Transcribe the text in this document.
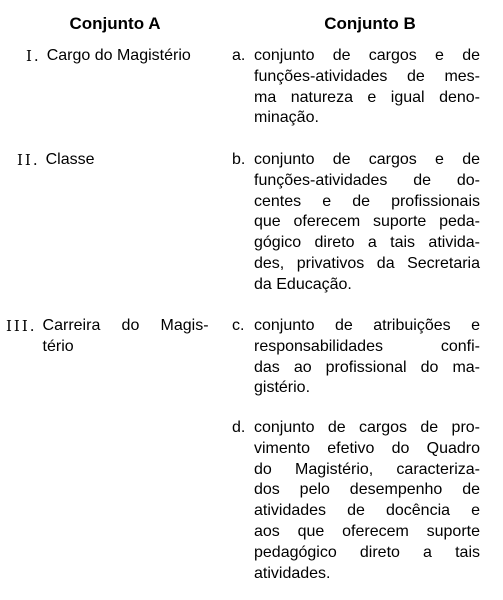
Conjunto A	Conjunto B
I. Cargo do Magistério
II. Classe
III. Carreira do Magis-
tério
a. conjunto de cargos e de
funções-atividades de mes-
ma natureza e igual deno-
minação.
b. conjunto de cargos e de
funções-atividades de do-
centes e de profissionais
que oferecem suporte peda-
gógico direto a tais ativida-
des, privativos da Secretaria
da Educação.
c. conjunto de atribuições e
responsabilidades confi-
das ao profissional do ma-
gistério.
d. conjunto de cargos de pro-
vimento efetivo do Quadro
do Magistério, caracteriza-
dos pelo desempenho de
atividades de docência e
aos que oferecem suporte
pedagógico direto a tais
atividades.
